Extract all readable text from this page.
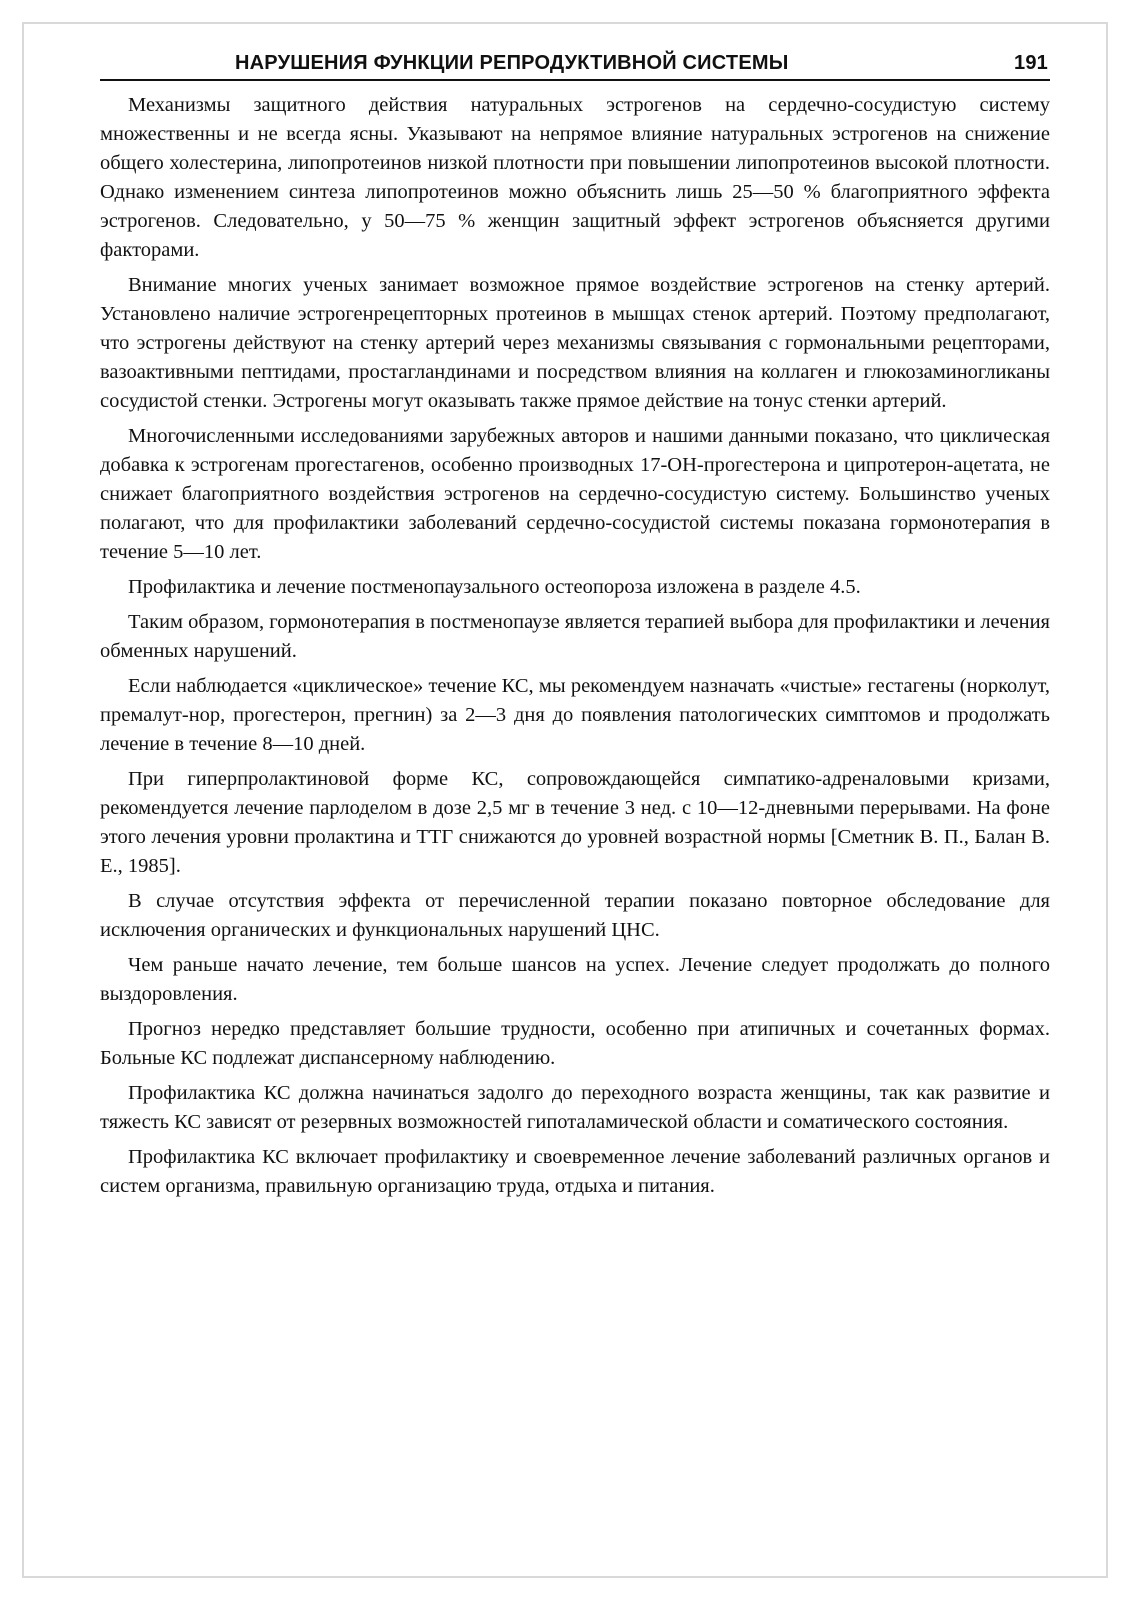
НАРУШЕНИЯ ФУНКЦИИ РЕПРОДУКТИВНОЙ СИСТЕМЫ	191

Механизмы защитного действия натуральных эстрогенов на сердечно-сосудистую систему множественны и не всегда ясны. Указывают на непрямое влияние натуральных эстрогенов на снижение общего холестерина, липопротеинов низкой плотности при повышении липопротеинов высокой плотности. Однако изменением синтеза липопротеинов можно объяснить лишь 25—50 % благоприятного эффекта эстрогенов. Следовательно, у 50—75 % женщин защитный эффект эстрогенов объясняется другими факторами.

Внимание многих ученых занимает возможное прямое воздействие эстрогенов на стенку артерий. Установлено наличие эстрогенрецепторных протеинов в мышцах стенок артерий. Поэтому предполагают, что эстрогены действуют на стенку артерий через механизмы связывания с гормональными рецепторами, вазоактивными пептидами, простагландинами и посредством влияния на коллаген и глюкозаминогликаны сосудистой стенки. Эстрогены могут оказывать также прямое действие на тонус стенки артерий.

Многочисленными исследованиями зарубежных авторов и нашими данными показано, что циклическая добавка к эстрогенам прогестагенов, особенно производных 17-ОН-прогестерона и ципротерон-ацетата, не снижает благоприятного воздействия эстрогенов на сердечно-сосудистую систему. Большинство ученых полагают, что для профилактики заболеваний сердечно-сосудистой системы показана гормонотерапия в течение 5—10 лет.

Профилактика и лечение постменопаузального остеопороза изложена в разделе 4.5.

Таким образом, гормонотерапия в постменопаузе является терапией выбора для профилактики и лечения обменных нарушений.

Если наблюдается «циклическое» течение КС, мы рекомендуем назначать «чистые» гестагены (норколут, премалут-нор, прогестерон, прегнин) за 2—3 дня до появления патологических симптомов и продолжать лечение в течение 8—10 дней.

При гиперпролактиновой форме КС, сопровождающейся симпатико-адреналовыми кризами, рекомендуется лечение парлоделом в дозе 2,5 мг в течение 3 нед. с 10—12-дневными перерывами. На фоне этого лечения уровни пролактина и ТТГ снижаются до уровней возрастной нормы [Сметник В. П., Балан В. Е., 1985].

В случае отсутствия эффекта от перечисленной терапии показано повторное обследование для исключения органических и функциональных нарушений ЦНС.

Чем раньше начато лечение, тем больше шансов на успех. Лечение следует продолжать до полного выздоровления.

Прогноз нередко представляет большие трудности, особенно при атипичных и сочетанных формах. Больные КС подлежат диспансерному наблюдению.

Профилактика КС должна начинаться задолго до переходного возраста женщины, так как развитие и тяжесть КС зависят от резервных возможностей гипоталамической области и соматического состояния.

Профилактика КС включает профилактику и своевременное лечение заболеваний различных органов и систем организма, правильную организацию труда, отдыха и питания.
